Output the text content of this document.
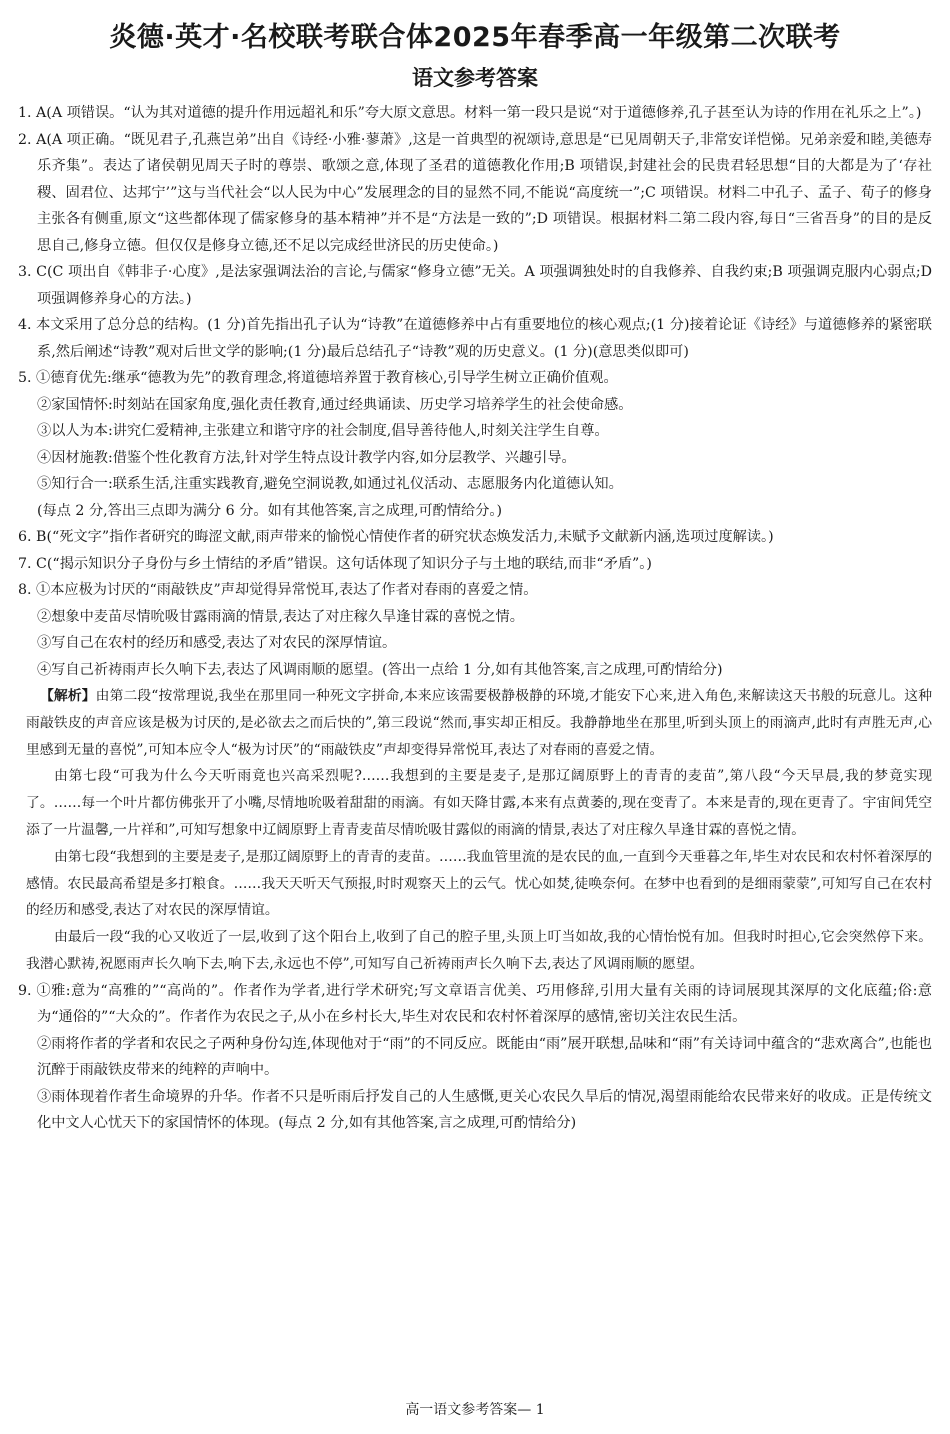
炎德·英才·名校联考联合体2025年春季高一年级第二次联考
语文参考答案

1. A(A 项错误。“认为其对道德的提升作用远超礼和乐”夸大原文意思。材料一第一段只是说“对于道德修养,孔子甚至认为诗的作用在礼乐之上”。)

2. A(A 项正确。“既见君子,孔燕岂弟”出自《诗经·小雅·蓼萧》,这是一首典型的祝颂诗,意思是“已见周朝天子,非常安详恺悌。兄弟亲爱和睦,美德寿乐齐集”。表达了诸侯朝见周天子时的尊崇、歌颂之意,体现了圣君的道德教化作用;B 项错误,封建社会的民贵君轻思想“目的大都是为了‘存社稷、固君位、达邦宁’”这与当代社会“以人民为中心”发展理念的目的显然不同,不能说“高度统一”;C 项错误。材料二中孔子、孟子、荀子的修身主张各有侧重,原文“这些都体现了儒家修身的基本精神”并不是“方法是一致的”;D 项错误。根据材料二第二段内容,每日“三省吾身”的目的是反思自己,修身立德。但仅仅是修身立德,还不足以完成经世济民的历史使命。)

3. C(C 项出自《韩非子·心度》,是法家强调法治的言论,与儒家“修身立德”无关。A 项强调独处时的自我修养、自我约束;B 项强调克服内心弱点;D 项强调修养身心的方法。)

4. 本文采用了总分总的结构。(1 分)首先指出孔子认为“诗教”在道德修养中占有重要地位的核心观点;(1 分)接着论证《诗经》与道德修养的紧密联系,然后阐述“诗教”观对后世文学的影响;(1 分)最后总结孔子“诗教”观的历史意义。(1 分)(意思类似即可)

5. ①德育优先:继承“德教为先”的教育理念,将道德培养置于教育核心,引导学生树立正确价值观。

②家国情怀:时刻站在国家角度,强化责任教育,通过经典诵读、历史学习培养学生的社会使命感。

③以人为本:讲究仁爱精神,主张建立和谐守序的社会制度,倡导善待他人,时刻关注学生自尊。

④因材施教:借鉴个性化教育方法,针对学生特点设计教学内容,如分层教学、兴趣引导。

⑤知行合一:联系生活,注重实践教育,避免空洞说教,如通过礼仪活动、志愿服务内化道德认知。

(每点 2 分,答出三点即为满分 6 分。如有其他答案,言之成理,可酌情给分。)

6. B(“死文字”指作者研究的晦涩文献,雨声带来的愉悦心情使作者的研究状态焕发活力,未赋予文献新内涵,选项过度解读。)

7. C(“揭示知识分子身份与乡土情结的矛盾”错误。这句话体现了知识分子与土地的联结,而非“矛盾”。)

8. ①本应极为讨厌的“雨敲铁皮”声却觉得异常悦耳,表达了作者对春雨的喜爱之情。

②想象中麦苗尽情吮吸甘露雨滴的情景,表达了对庄稼久旱逢甘霖的喜悦之情。

③写自己在农村的经历和感受,表达了对农民的深厚情谊。

④写自己祈祷雨声长久响下去,表达了风调雨顺的愿望。(答出一点给 1 分,如有其他答案,言之成理,可酌情给分)

【解析】由第二段“按常理说,我坐在那里同一种死文字拼命,本来应该需要极静极静的环境,才能安下心来,进入角色,来解读这天书般的玩意儿。这种雨敲铁皮的声音应该是极为讨厌的,是必欲去之而后快的”,第三段说“然而,事实却正相反。我静静地坐在那里,听到头顶上的雨滴声,此时有声胜无声,心里感到无量的喜悦”,可知本应令人“极为讨厌”的“雨敲铁皮”声却变得异常悦耳,表达了对春雨的喜爱之情。

由第七段“可我为什么今天听雨竟也兴高采烈呢?……我想到的主要是麦子,是那辽阔原野上的青青的麦苗”,第八段“今天早晨,我的梦竟实现了。……每一个叶片都仿佛张开了小嘴,尽情地吮吸着甜甜的雨滴。有如天降甘露,本来有点黄萎的,现在变青了。本来是青的,现在更青了。宇宙间凭空添了一片温馨,一片祥和”,可知写想象中辽阔原野上青青麦苗尽情吮吸甘露似的雨滴的情景,表达了对庄稼久旱逢甘霖的喜悦之情。

由第七段“我想到的主要是麦子,是那辽阔原野上的青青的麦苗。……我血管里流的是农民的血,一直到今天垂暮之年,毕生对农民和农村怀着深厚的感情。农民最高希望是多打粮食。……我天天听天气预报,时时观察天上的云气。忧心如焚,徒唤奈何。在梦中也看到的是细雨蒙蒙”,可知写自己在农村的经历和感受,表达了对农民的深厚情谊。

由最后一段“我的心又收近了一层,收到了这个阳台上,收到了自己的腔子里,头顶上叮当如故,我的心情怡悦有加。但我时时担心,它会突然停下来。我潜心默祷,祝愿雨声长久响下去,响下去,永远也不停”,可知写自己祈祷雨声长久响下去,表达了风调雨顺的愿望。

9. ①雅:意为“高雅的”“高尚的”。作者作为学者,进行学术研究;写文章语言优美、巧用修辞,引用大量有关雨的诗词展现其深厚的文化底蕴;俗:意为“通俗的”“大众的”。作者作为农民之子,从小在乡村长大,毕生对农民和农村怀着深厚的感情,密切关注农民生活。

②雨将作者的学者和农民之子两种身份勾连,体现他对于“雨”的不同反应。既能由“雨”展开联想,品味和“雨”有关诗词中蕴含的“悲欢离合”,也能也沉醉于雨敲铁皮带来的纯粹的声响中。

③雨体现着作者生命境界的升华。作者不只是听雨后抒发自己的人生感慨,更关心农民久旱后的情况,渴望雨能给农民带来好的收成。正是传统文化中文人心忧天下的家国情怀的体现。(每点 2 分,如有其他答案,言之成理,可酌情给分)

高一语文参考答案— 1
